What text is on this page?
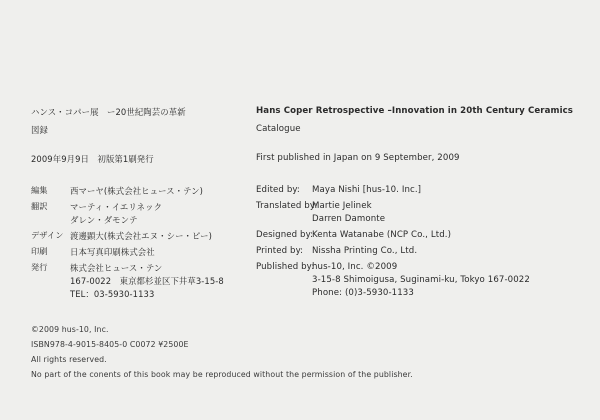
ハンス・コパー展　ー20世紀陶芸の革新
図録
2009年9月9日　初版第1刷発行
編集	西マーヤ(株式会社ヒュース・テン)
翻訳	マーティ・イエリネック
ダレン・ダモンテ
デザイン 渡邊顕大(株式会社エヌ・シー・ピー)
印刷	日本写真印刷株式会社
発行	株式会社ヒュース・テン
167-0022　東京都杉並区下井草3-15-8
TEL：03-5930-1133
Hans Coper Retrospective –Innovation in 20th Century Ceramics
Catalogue
First published in Japan on 9 September, 2009
Edited by: Maya Nishi [hus-10. Inc.]
Translated by:
Martie Jelinek
Darren Damonte
Designed by:
Kenta Watanabe (NCP Co., Ltd.)
Printed by: Nissha Printing Co., Ltd.
Published by:
hus-10, Inc. ©2009
3-15-8 Shimoigusa, Suginami-ku, Tokyo 167-0022
Phone: (0)3-5930-1133
©2009 hus-10, Inc.
ISBN978-4-9015-8405-0 C0072 ¥2500E
All rights reserved.
No part of the conents of this book may be reproduced without the permission of the publisher.
